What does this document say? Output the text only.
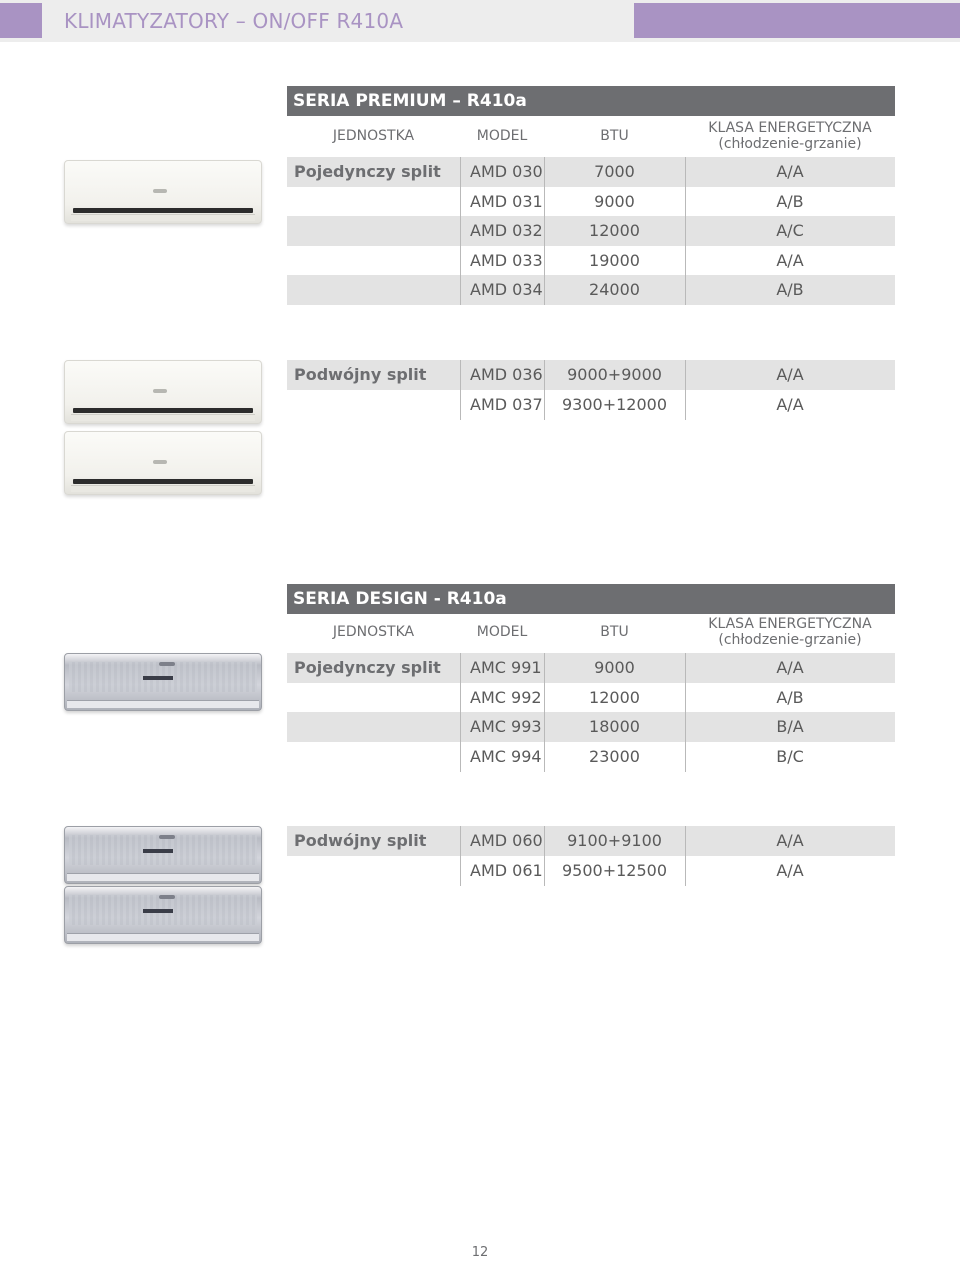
KLIMATYZATORY – ON/OFF R410A
SERIA PREMIUM – R410a
JEDNOSTKA	MODEL	BTU	KLASA ENERGETYCZNA
(chłodzenie-grzanie)
Pojedynczy split	AMD 030	7000	A/A
AMD 031	9000	A/B
AMD 032	12000	A/C
AMD 033	19000	A/A
AMD 034	24000	A/B
Podwójny split	AMD 036	9000+9000	A/A
AMD 037	9300+12000	A/A
SERIA DESIGN - R410a
JEDNOSTKA	MODEL	BTU	KLASA ENERGETYCZNA
(chłodzenie-grzanie)
Pojedynczy split	AMC 991	9000	A/A
AMC 992	12000	A/B
AMC 993	18000	B/A
AMC 994	23000	B/C
Podwójny split	AMD 060	9100+9100	A/A
AMD 061	9500+12500	A/A
12
